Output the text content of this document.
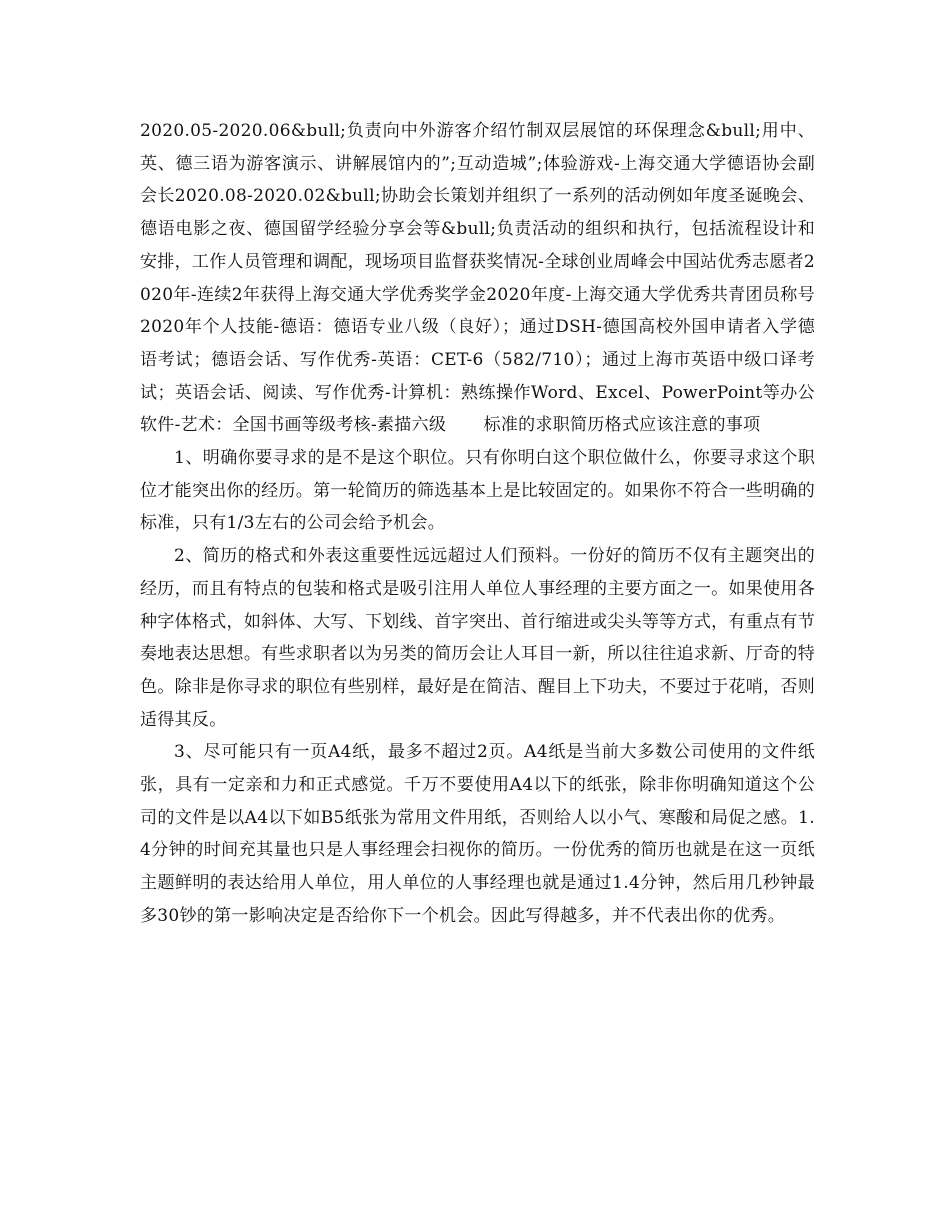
2020.05-2020.06&bull;负责向中外游客介绍竹制双层展馆的环保理念&bull;用中、英、德三语为游客演示、讲解展馆内的”;互动造城”;体验游戏-上海交通大学德语协会副会长2020.08-2020.02&bull;协助会长策划并组织了一系列的活动例如年度圣诞晚会、德语电影之夜、德国留学经验分享会等&bull;负责活动的组织和执行，包括流程设计和安排，工作人员管理和调配，现场项目监督获奖情况-全球创业周峰会中国站优秀志愿者2020年-连续2年获得上海交通大学优秀奖学金2020年度-上海交通大学优秀共青团员称号2020年个人技能-德语：德语专业八级（良好）；通过DSH-德国高校外国申请者入学德语考试；德语会话、写作优秀-英语：CET-6（582/710）；通过上海市英语中级口译考试；英语会话、阅读、写作优秀-计算机：熟练操作Word、Excel、PowerPoint等办公软件-艺术：全国书画等级考核-素描六级 标准的求职简历格式应该注意的事项

1、明确你要寻求的是不是这个职位。只有你明白这个职位做什么，你要寻求这个职位才能突出你的经历。第一轮简历的筛选基本上是比较固定的。如果你不符合一些明确的标准，只有1/3左右的公司会给予机会。

2、简历的格式和外表这重要性远远超过人们预料。一份好的简历不仅有主题突出的经历，而且有特点的包装和格式是吸引注用人单位人事经理的主要方面之一。如果使用各种字体格式，如斜体、大写、下划线、首字突出、首行缩进或尖头等等方式，有重点有节奏地表达思想。有些求职者以为另类的简历会让人耳目一新，所以往往追求新、厅奇的特色。除非是你寻求的职位有些别样，最好是在简洁、醒目上下功夫，不要过于花哨，否则适得其反。

3、尽可能只有一页A4纸，最多不超过2页。A4纸是当前大多数公司使用的文件纸张，具有一定亲和力和正式感觉。千万不要使用A4以下的纸张，除非你明确知道这个公司的文件是以A4以下如B5纸张为常用文件用纸，否则给人以小气、寒酸和局促之感。1.4分钟的时间充其量也只是人事经理会扫视你的简历。一份优秀的简历也就是在这一页纸主题鲜明的表达给用人单位，用人单位的人事经理也就是通过1.4分钟，然后用几秒钟最多30钞的第一影响决定是否给你下一个机会。因此写得越多，并不代表出你的优秀。
